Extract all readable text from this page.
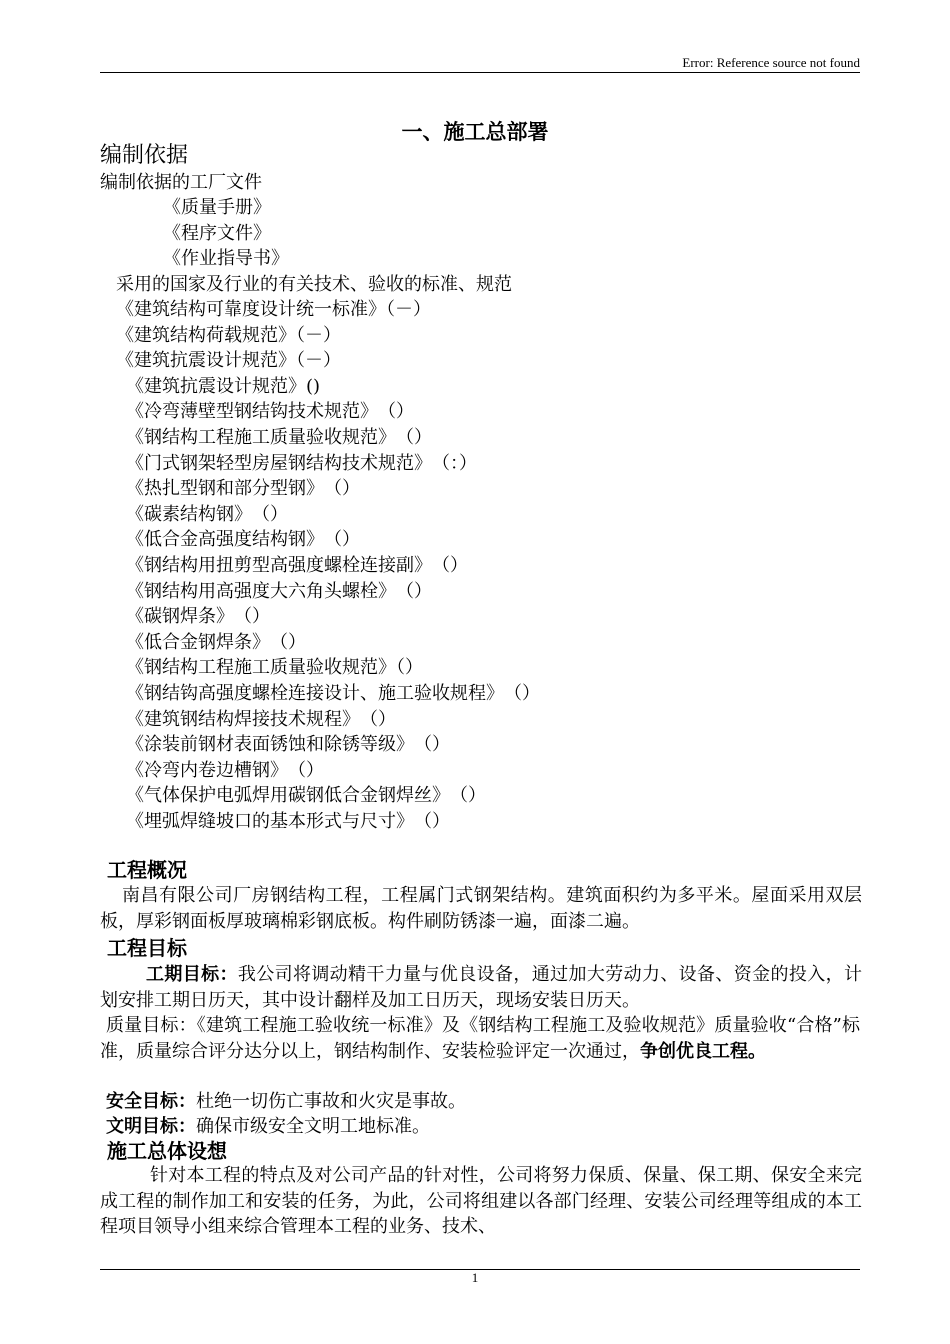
Error: Reference source not found
一、施工总部署
编制依据
编制依据的工厂文件
《质量手册》
《程序文件》
《作业指导书》
采用的国家及行业的有关技术、验收的标准、规范
《建筑结构可靠度设计统一标准》（－）
《建筑结构荷载规范》（－）
《建筑抗震设计规范》（－）
《建筑抗震设计规范》()
《冷弯薄壁型钢结钩技术规范》　（）
《钢结构工程施工质量验收规范》　（）
《门式钢架轻型房屋钢结构技术规范》　（：）
《热扎型钢和部分型钢》　（）
《碳素结构钢》　（）
《低合金高强度结构钢》　（）
《钢结构用扭剪型高强度螺栓连接副》　（）
《钢结构用高强度大六角头螺栓》　（）
《碳钢焊条》　（）
《低合金钢焊条》　（）
《钢结构工程施工质量验收规范》（）
《钢结钩高强度螺栓连接设计、施工验收规程》　（）
《建筑钢结构焊接技术规程》　（）
《涂装前钢材表面锈蚀和除锈等级》　（）
《冷弯内卷边槽钢》　（）
《气体保护电弧焊用碳钢低合金钢焊丝》　（）
《埋弧焊缝坡口的基本形式与尺寸》　（）
工程概况
南昌有限公司厂房钢结构工程，工程属门式钢架结构。建筑面积约为多平米。屋面采用双层板，厚彩钢面板厚玻璃棉彩钢底板。构件刷防锈漆一遍，面漆二遍。
工程目标
工期目标：我公司将调动精干力量与优良设备，通过加大劳动力、设备、资金的投入，计划安排工期日历天，其中设计翻样及加工日历天，现场安装日历天。
质量目标：《建筑工程施工验收统一标准》及《钢结构工程施工及验收规范》质量验收“合格”标准，质量综合评分达分以上，钢结构制作、安装检验评定一次通过，争创优良工程。
安全目标：杜绝一切伤亡事故和火灾是事故。
文明目标：确保市级安全文明工地标准。
施工总体设想
针对本工程的特点及对公司产品的针对性，公司将努力保质、保量、保工期、保安全来完成工程的制作加工和安装的任务，为此，公司将组建以各部门经理、安装公司经理等组成的本工程项目领导小组来综合管理本工程的业务、技术、
1
